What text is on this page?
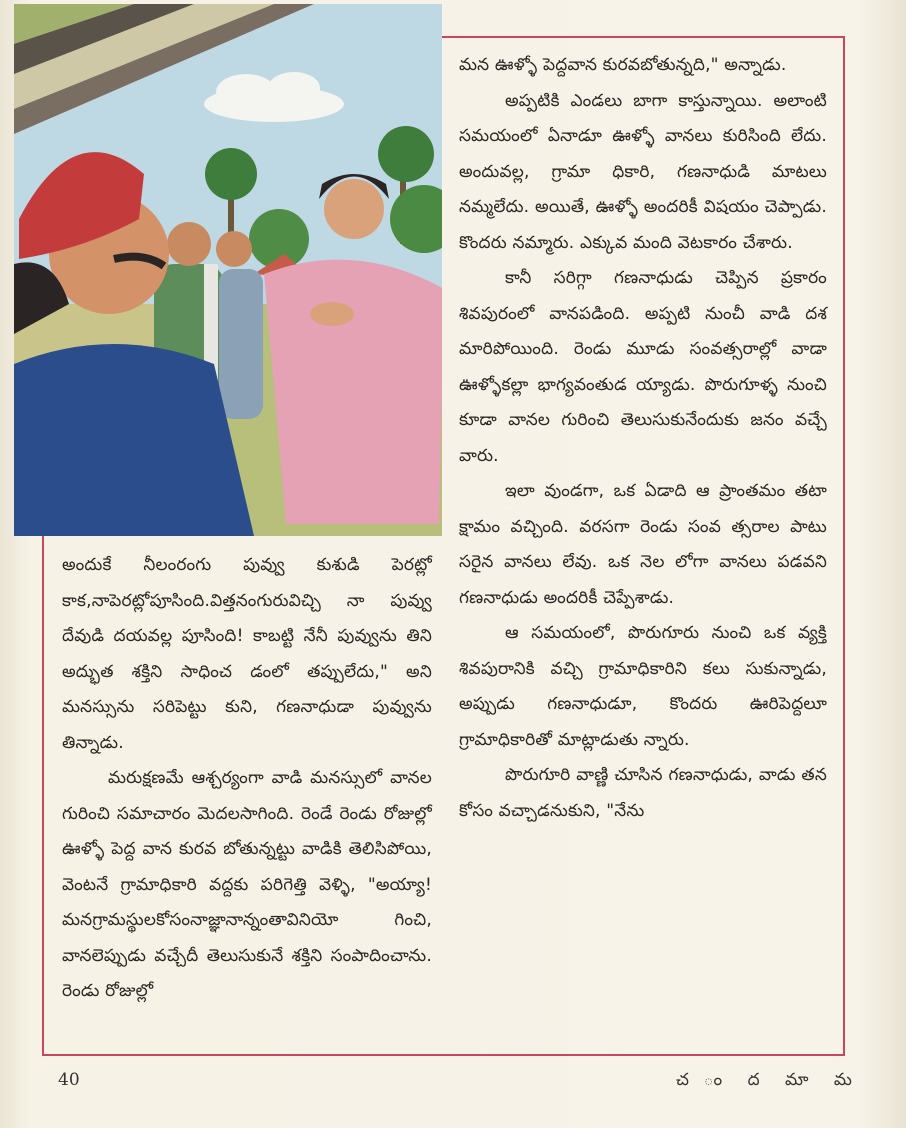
మన ఊళ్ళో పెద్దవాన కురవబోతున్నది," అన్నాడు.

అప్పటికి ఎండలు బాగా కాస్తున్నాయి. అలాంటి సమయంలో ఏనాడూ ఊళ్ళో వానలు కురిసింది లేదు. అందువల్ల, గ్రామా ధికారి, గణనాధుడి మాటలు నమ్మలేదు. అయితే, ఊళ్ళో అందరికీ విషయం చెప్పాడు. కొందరు నమ్మారు. ఎక్కువ మంది వెటకారం చేశారు.

కానీ సరిగ్గా గణనాధుడు చెప్పిన ప్రకారం శివపురంలో వానపడింది. అప్పటి నుంచీ వాడి దశ మారిపోయింది. రెండు మూడు సంవత్సరాల్లో వాడా ఊళ్ళోకల్లా భాగ్యవంతుడ య్యాడు. పొరుగూళ్ళ నుంచి కూడా వానల గురించి తెలుసుకునేందుకు జనం వచ్చే వారు.

ఇలా వుండగా, ఒక ఏడాది ఆ ప్రాంతమం తటా క్షామం వచ్చింది. వరసగా రెండు సంవ త్సరాల పాటు సరైన వానలు లేవు. ఒక నెల లోగా వానలు పడవని గణనాధుడు అందరికీ చెప్పేశాడు.

ఆ సమయంలో, పొరుగూరు నుంచి ఒక వ్యక్తి శివపురానికి వచ్చి గ్రామాధికారిని కలు సుకున్నాడు, అప్పుడు గణనాధుడూ, కొందరు ఊరిపెద్దలూ గ్రామాధికారితో మాట్లాడుతు న్నారు.

పొరుగూరి వాణ్ణి చూసిన గణనాధుడు, వాడు తన కోసం వచ్చాడనుకుని, "నేను

అందుకే నీలంరంగు పువ్వు కుశుడి పెరట్లో కాక,నాపెరట్లోపూసింది.విత్తనంగురువిచ్చి నా పువ్వు దేవుడి దయవల్ల పూసింది! కాబట్టి నేనీ పువ్వును తిని అద్భుత శక్తిని సాధించ డంలో తప్పులేదు," అని మనస్సును సరిపెట్టు కుని, గణనాధుడా పువ్వును తిన్నాడు.

మరుక్షణమే ఆశ్చర్యంగా వాడి మనస్సులో వానల గురించి సమాచారం మెదలసాగింది. రెండే రెండు రోజుల్లో ఊళ్ళో పెద్ద వాన కురవ బోతున్నట్టు వాడికి తెలిసిపోయి, వెంటనే గ్రామాధికారి వద్దకు పరిగెత్తి వెళ్ళి, "అయ్యా! మనగ్రామస్థులకోసంనాజ్ఞానాన్నంతావినియో గించి, వానలెప్పుడు వచ్చేదీ తెలుసుకునే శక్తిని సంపాదించాను. రెండు రోజుల్లో

40	చ ం ద మా మ
